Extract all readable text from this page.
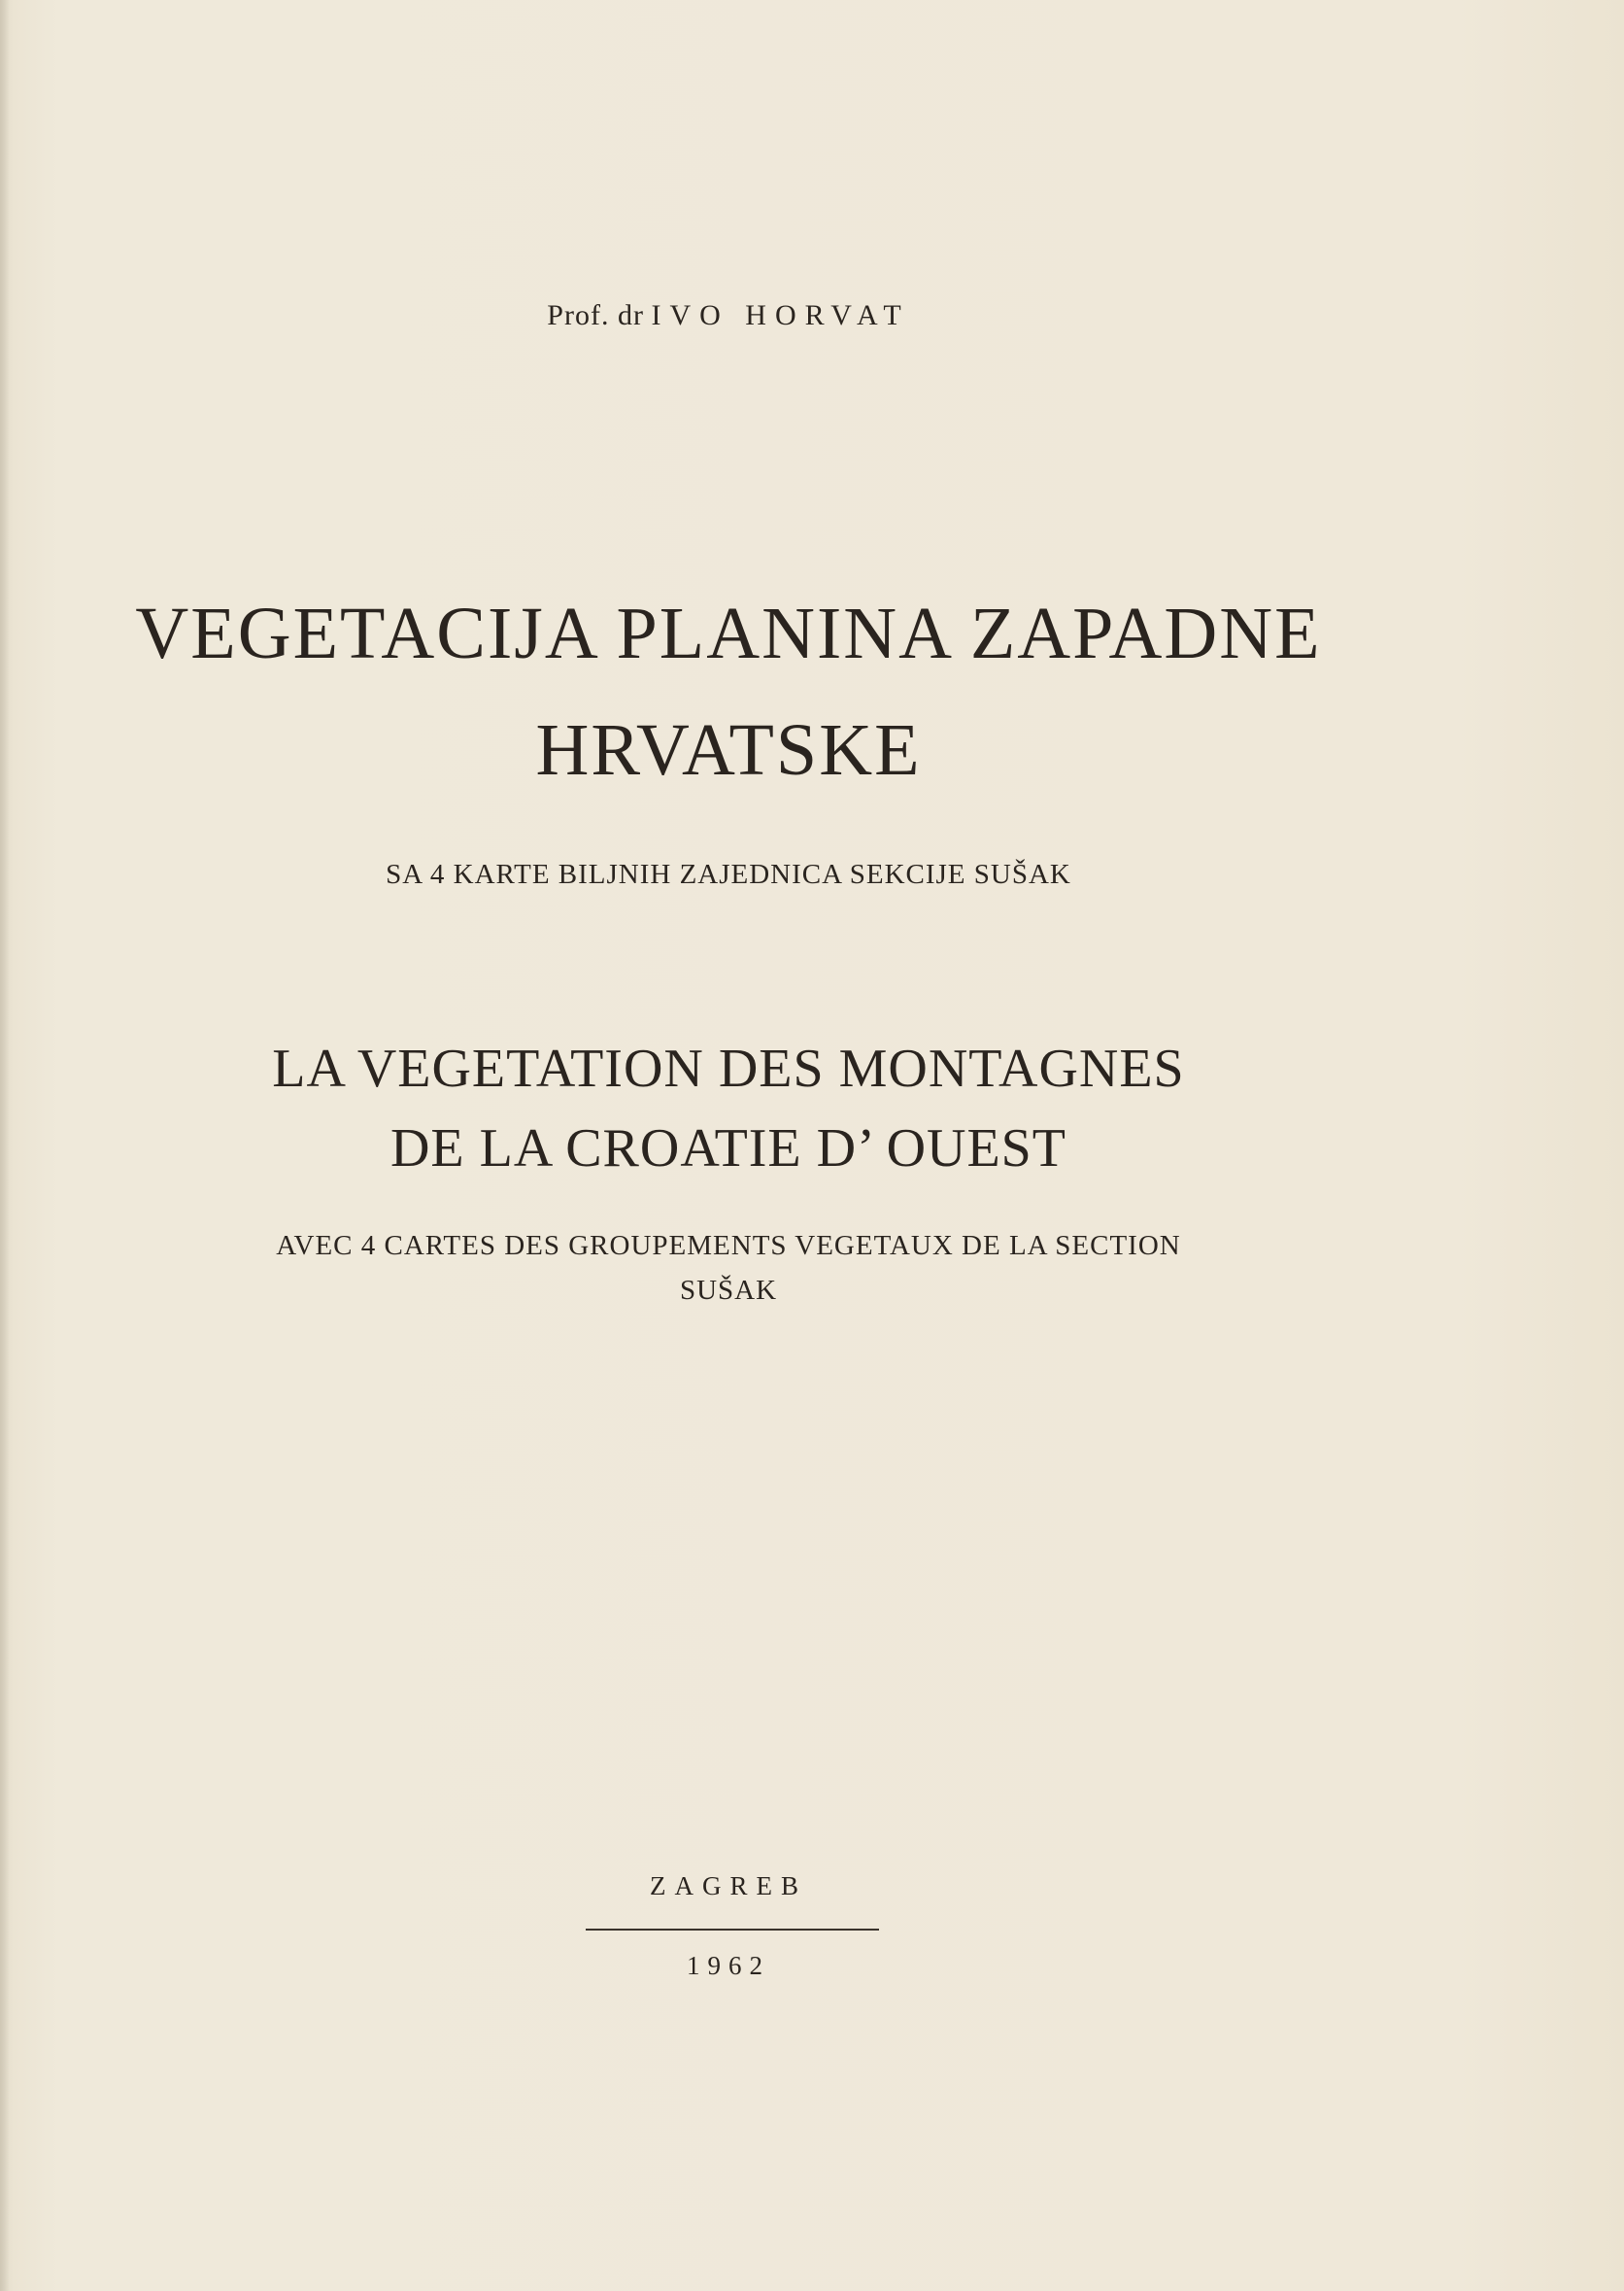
Prof. dr IVO HORVAT

VEGETACIJA PLANINA ZAPADNE
HRVATSKE

SA 4 KARTE BILJNIH ZAJEDNICA SEKCIJE SUŠAK

LA VEGETATION DES MONTAGNES
DE LA CROATIE D’ OUEST

AVEC 4 CARTES DES GROUPEMENTS VEGETAUX DE LA SECTION

SUŠAK

ZAGREB

1962
